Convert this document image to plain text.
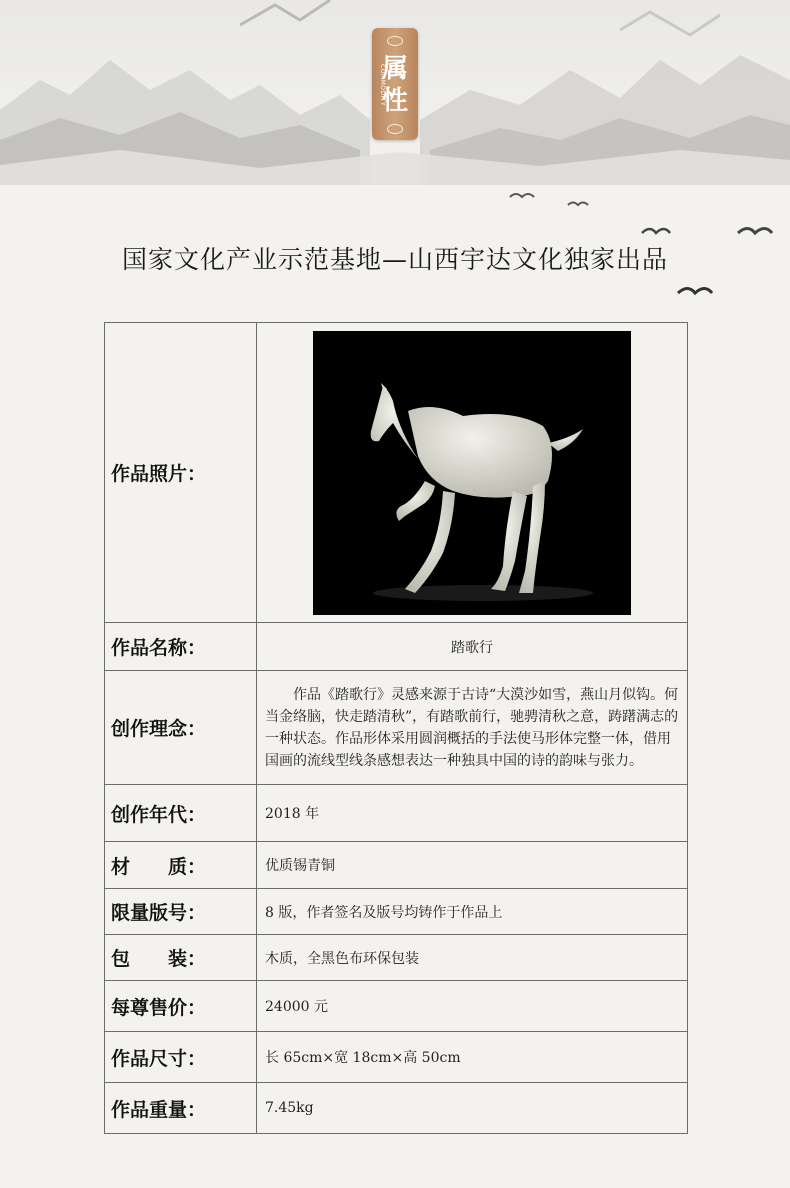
属
性
COMMODITY
国家文化产业示范基地—山西宇达文化独家出品
作品照片：	

作品名称：	踏歌行
创作理念：	作品《踏歌行》灵感来源于古诗“大漠沙如雪，燕山月似钩。何当金络脑，快走踏清秋”，有踏歌前行，驰骋清秋之意，踌躇满志的一种状态。作品形体采用圆润概括的手法使马形体完整一体，借用国画的流线型线条感想表达一种独具中国的诗的韵味与张力。
创作年代：	2018 年
材　　质：	优质锡青铜
限量版号：	8 版，作者签名及版号均铸作于作品上
包　　装：	木质，全黑色布环保包装
每尊售价：	24000 元
作品尺寸：	长 65cm×宽 18cm×高 50cm
作品重量：	7.45kg
